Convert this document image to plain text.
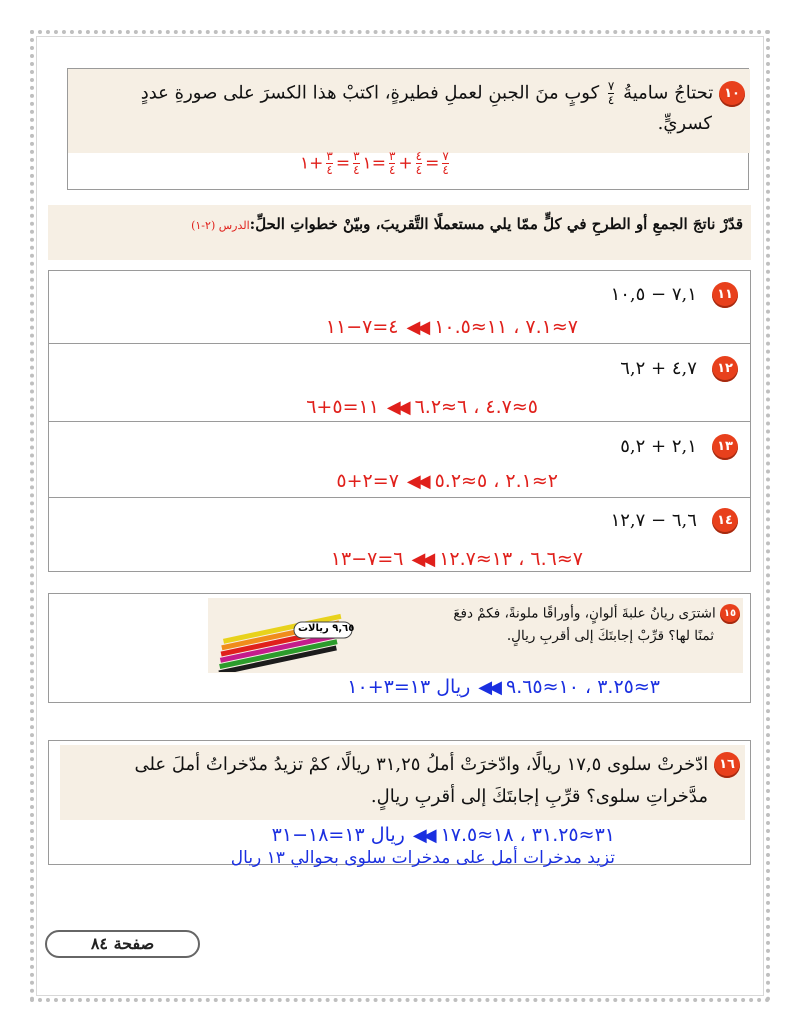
١٠ تحتاجُ ساميةُ
$\frac{٧}{٤}$
كوبٍ منَ الجبنِ لعملِ فطيرةٍ، اكتبْ هذا الكسرَ على صورةِ عددٍ
كسريٍّ.
١
$\frac{٣}{٤}$
=
$\frac{٣}{٤}$
+١	= $\frac{٣}{٤} + \frac{٤}{٤} = \frac{٧}{٤}$
قدّرْ ناتجَ الجمعِ أو الطرحِ في كلٍّ ممّا يلي مستعملًا التَّقريبَ، وبيّنْ خطواتِ الحلِّ:الدرس (٢-١)
١١ ٧,١ − ١٠,٥
٧≈٧.١ ، ١١≈١٠.٥◀◀٤=٧−١١
١٢ ٤,٧ + ٦,٢
٥≈٤.٧ ، ٦≈٦.٢◀◀١١=٥+٦
١٣ ٢,١ + ٥,٢
٢≈٢.١ ، ٥≈٥.٢◀◀٧=٢+٥
١٤ ٦,٦ − ١٢,٧
٧≈٦.٦ ، ١٣≈١٢.٧◀◀٦=٧−١٣
٩,٦٥ ريالات
١٥ اشترَى ريانُ علبةَ ألوانٍ، وأوراقًا ملونةً، فكمْ دفعَ
ثمنًا لها؟ قرِّبْ إجابتَكَ إلى أقربِ ريالٍ.
٣≈٣.٢٥ ، ١٠≈٩.٦٥◀◀ريال ١٣=٣+١٠
١٦ ادّخرتْ سلوى ١٧,٥ ريالًا، وادّخرَتْ أملُ ٣١,٢٥ ريالًا، كمْ تزيدُ مدّخراتُ أملَ على
مدَّخراتِ سلوى؟ قرِّبِ إجابتَكَ إلى أقربِ ريالٍ.
٣١≈٣١.٢٥ ، ١٨≈١٧.٥◀◀ريال ١٣=١٨−٣١
تزيد مدخرات أمل على مدخرات سلوى بحوالي ١٣ ريال
صفحة ٨٤
